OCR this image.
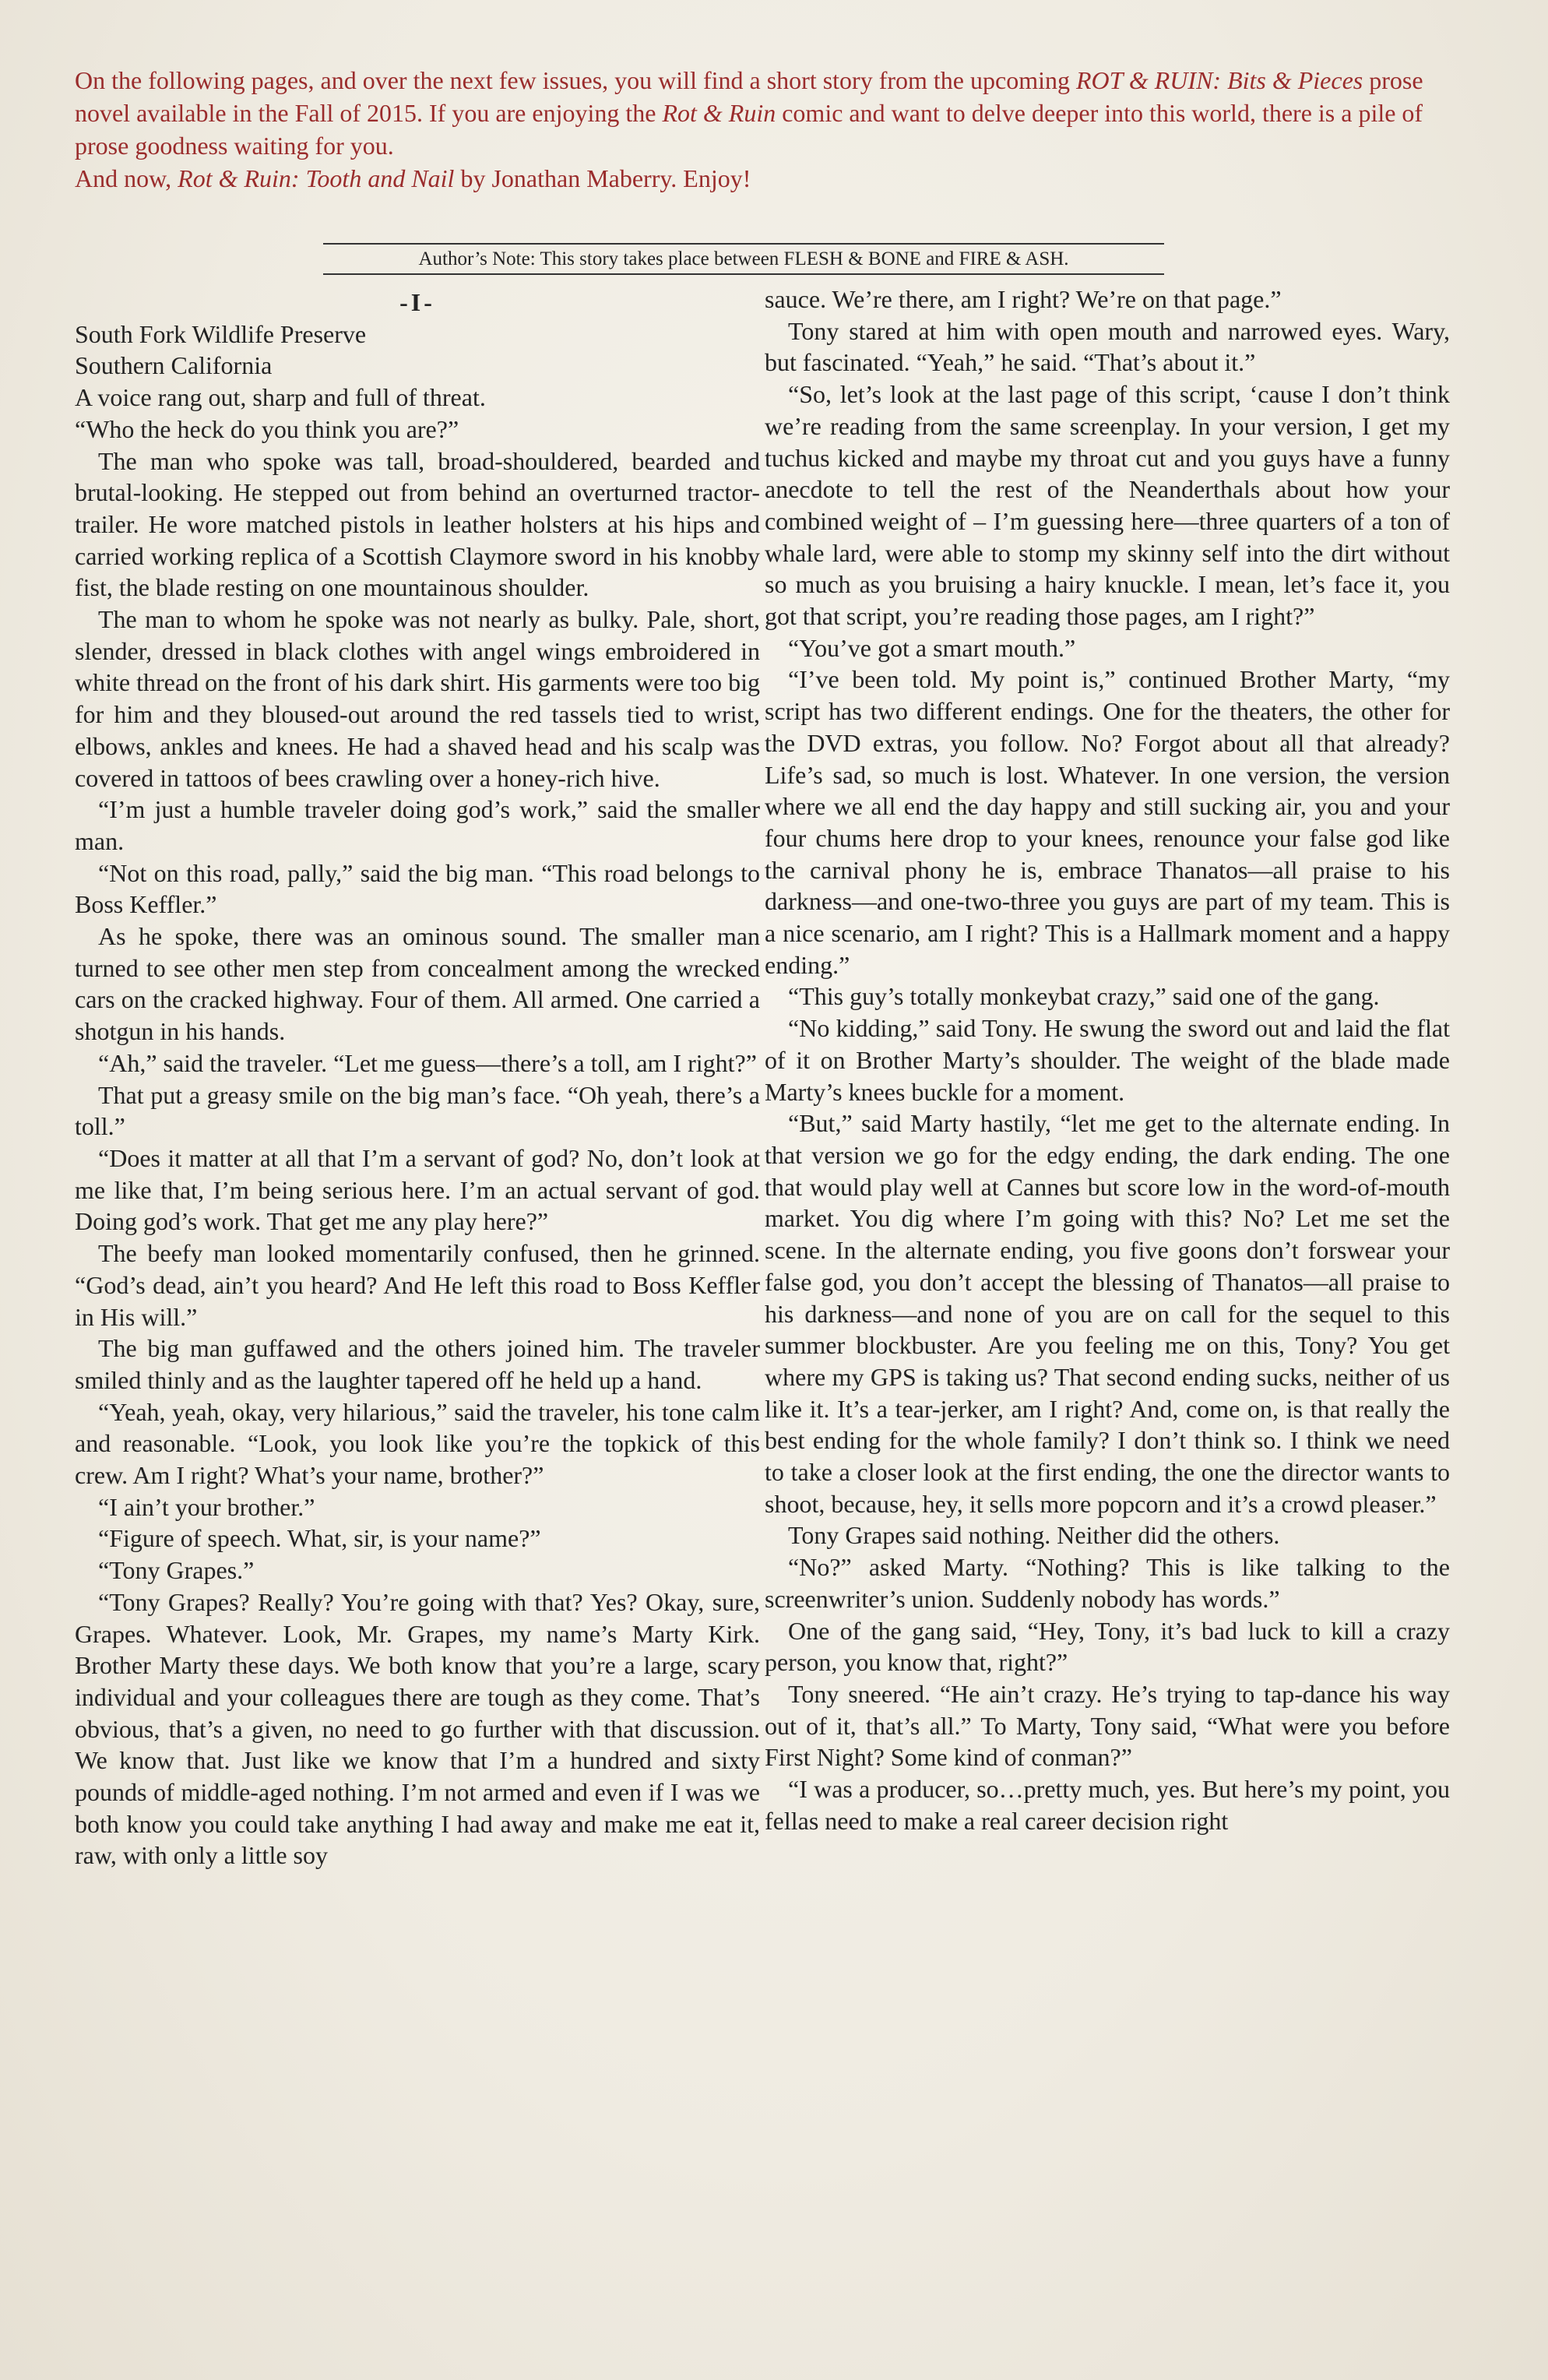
On the following pages, and over the next few issues, you will find a short story from the upcoming ROT & RUIN: Bits & Pieces prose novel available in the Fall of 2015. If you are enjoying the Rot & Ruin comic and want to delve deeper into this world, there is a pile of prose goodness waiting for you.

And now, Rot & Ruin: Tooth and Nail by Jonathan Maberry. Enjoy!

Author’s Note: This story takes place between FLESH & BONE and FIRE & ASH.

-I-

South Fork Wildlife Preserve

Southern California

A voice rang out, sharp and full of threat.

“Who the heck do you think you are?”

The man who spoke was tall, broad-shouldered, bearded and brutal-looking. He stepped out from behind an overturned tractor-trailer. He wore matched pistols in leather holsters at his hips and carried working replica of a Scottish Claymore sword in his knobby fist, the blade resting on one mountainous shoulder.

The man to whom he spoke was not nearly as bulky. Pale, short, slender, dressed in black clothes with angel wings embroidered in white thread on the front of his dark shirt. His garments were too big for him and they bloused-out around the red tassels tied to wrist, elbows, ankles and knees. He had a shaved head and his scalp was covered in tattoos of bees crawling over a honey-rich hive.

“I’m just a humble traveler doing god’s work,” said the smaller man.

“Not on this road, pally,” said the big man. “This road belongs to Boss Keffler.”

As he spoke, there was an ominous sound. The smaller man turned to see other men step from concealment among the wrecked cars on the cracked highway. Four of them. All armed. One carried a shotgun in his hands.

“Ah,” said the traveler. “Let me guess—there’s a toll, am I right?”

That put a greasy smile on the big man’s face. “Oh yeah, there’s a toll.”

“Does it matter at all that I’m a servant of god? No, don’t look at me like that, I’m being serious here. I’m an actual servant of god. Doing god’s work. That get me any play here?”

The beefy man looked momentarily confused, then he grinned. “God’s dead, ain’t you heard? And He left this road to Boss Keffler in His will.”

The big man guffawed and the others joined him. The traveler smiled thinly and as the laughter tapered off he held up a hand.

“Yeah, yeah, okay, very hilarious,” said the traveler, his tone calm and reasonable. “Look, you look like you’re the topkick of this crew. Am I right? What’s your name, brother?”

“I ain’t your brother.”

“Figure of speech. What, sir, is your name?”

“Tony Grapes.”

“Tony Grapes? Really? You’re going with that? Yes? Okay, sure, Grapes. Whatever. Look, Mr. Grapes, my name’s Marty Kirk. Brother Marty these days. We both know that you’re a large, scary individual and your colleagues there are tough as they come. That’s obvious, that’s a given, no need to go further with that discussion. We know that. Just like we know that I’m a hundred and sixty pounds of middle-aged nothing. I’m not armed and even if I was we both know you could take anything I had away and make me eat it, raw, with only a little soy

sauce. We’re there, am I right? We’re on that page.”

Tony stared at him with open mouth and narrowed eyes. Wary, but fascinated. “Yeah,” he said. “That’s about it.”

“So, let’s look at the last page of this script, ‘cause I don’t think we’re reading from the same screenplay. In your version, I get my tuchus kicked and maybe my throat cut and you guys have a funny anecdote to tell the rest of the Neanderthals about how your combined weight of – I’m guessing here—three quarters of a ton of whale lard, were able to stomp my skinny self into the dirt without so much as you bruising a hairy knuckle. I mean, let’s face it, you got that script, you’re reading those pages, am I right?”

“You’ve got a smart mouth.”

“I’ve been told. My point is,” continued Brother Marty, “my script has two different endings. One for the theaters, the other for the DVD extras, you follow. No? Forgot about all that already? Life’s sad, so much is lost. Whatever. In one version, the version where we all end the day happy and still sucking air, you and your four chums here drop to your knees, renounce your false god like the carnival phony he is, embrace Thanatos—all praise to his darkness—and one-two-three you guys are part of my team. This is a nice scenario, am I right? This is a Hallmark moment and a happy ending.”

“This guy’s totally monkeybat crazy,” said one of the gang.

“No kidding,” said Tony. He swung the sword out and laid the flat of it on Brother Marty’s shoulder. The weight of the blade made Marty’s knees buckle for a moment.

“But,” said Marty hastily, “let me get to the alternate ending. In that version we go for the edgy ending, the dark ending. The one that would play well at Cannes but score low in the word-of-mouth market. You dig where I’m going with this? No? Let me set the scene. In the alternate ending, you five goons don’t forswear your false god, you don’t accept the blessing of Thanatos—all praise to his darkness—and none of you are on call for the sequel to this summer blockbuster. Are you feeling me on this, Tony? You get where my GPS is taking us? That second ending sucks, neither of us like it. It’s a tear-jerker, am I right? And, come on, is that really the best ending for the whole family? I don’t think so. I think we need to take a closer look at the first ending, the one the director wants to shoot, because, hey, it sells more popcorn and it’s a crowd pleaser.”

Tony Grapes said nothing. Neither did the others.

“No?” asked Marty. “Nothing? This is like talking to the screenwriter’s union. Suddenly nobody has words.”

One of the gang said, “Hey, Tony, it’s bad luck to kill a crazy person, you know that, right?”

Tony sneered. “He ain’t crazy. He’s trying to tap-dance his way out of it, that’s all.” To Marty, Tony said, “What were you before First Night? Some kind of conman?”

“I was a producer, so…pretty much, yes. But here’s my point, you fellas need to make a real career decision right
